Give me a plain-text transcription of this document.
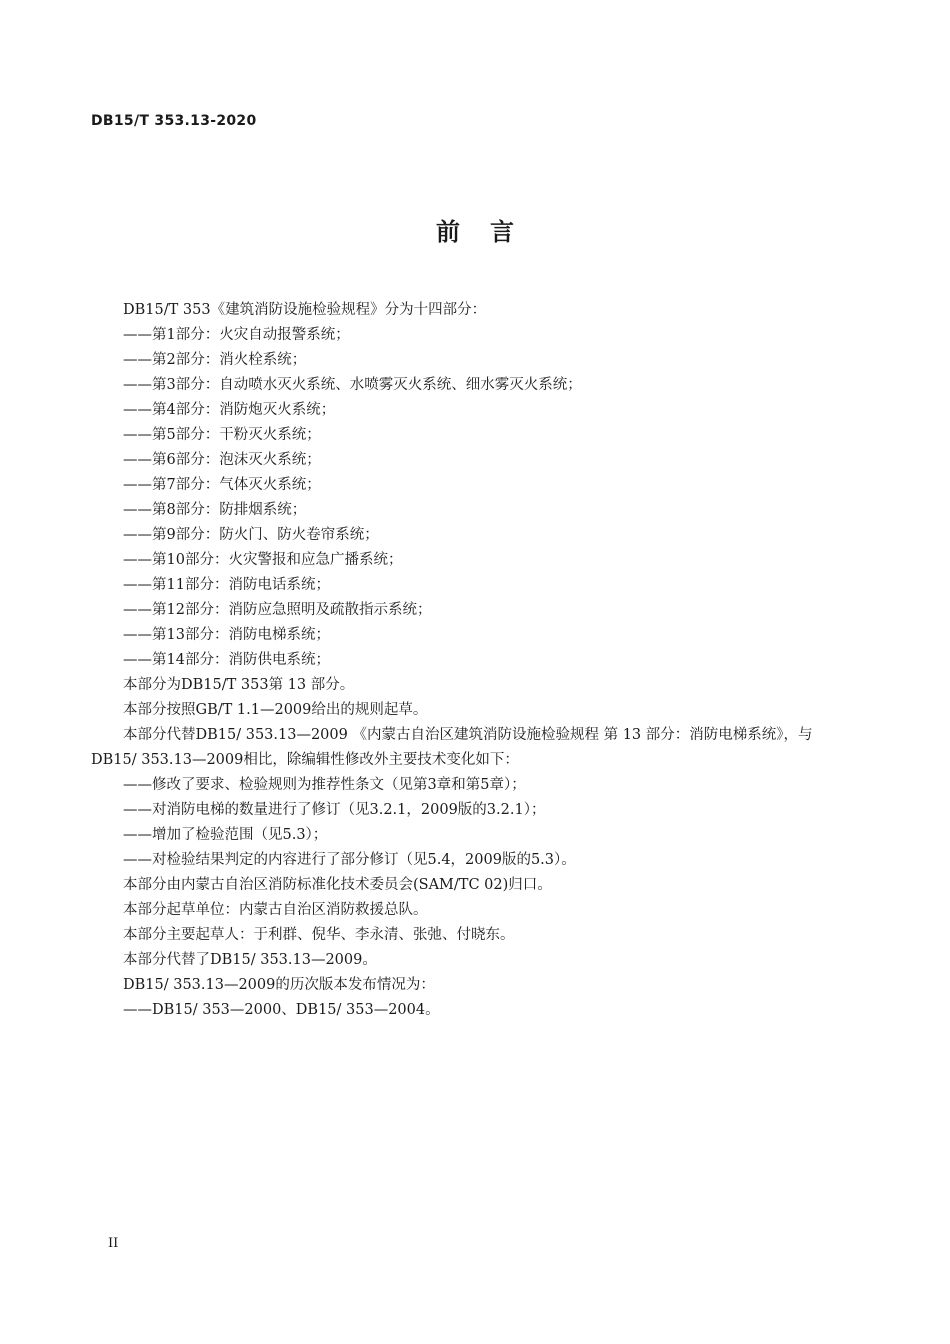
DB15/T 353.13-2020
前言

DB15/T 353《建筑消防设施检验规程》分为十四部分：

——第1部分：火灾自动报警系统；

——第2部分：消火栓系统；

——第3部分：自动喷水灭火系统、水喷雾灭火系统、细水雾灭火系统；

——第4部分：消防炮灭火系统；

——第5部分：干粉灭火系统；

——第6部分：泡沫灭火系统；

——第7部分：气体灭火系统；

——第8部分：防排烟系统；

——第9部分：防火门、防火卷帘系统；

——第10部分：火灾警报和应急广播系统；

——第11部分：消防电话系统；

——第12部分：消防应急照明及疏散指示系统；

——第13部分：消防电梯系统；

——第14部分：消防供电系统；

本部分为DB15/T 353第 13 部分。

本部分按照GB/T 1.1—2009给出的规则起草。

本部分代替DB15/ 353.13—2009 《内蒙古自治区建筑消防设施检验规程 第 13 部分：消防电梯系统》，与DB15/ 353.13—2009相比，除编辑性修改外主要技术变化如下：

——修改了要求、检验规则为推荐性条文（见第3章和第5章）；

——对消防电梯的数量进行了修订（见3.2.1，2009版的3.2.1）；

——增加了检验范围（见5.3）；

——对检验结果判定的内容进行了部分修订（见5.4，2009版的5.3）。

本部分由内蒙古自治区消防标准化技术委员会(SAM/TC 02)归口。

本部分起草单位：内蒙古自治区消防救援总队。

本部分主要起草人：于利群、倪华、李永清、张弛、付晓东。

本部分代替了DB15/ 353.13—2009。

DB15/ 353.13—2009的历次版本发布情况为：

——DB15/ 353—2000、DB15/ 353—2004。

II
